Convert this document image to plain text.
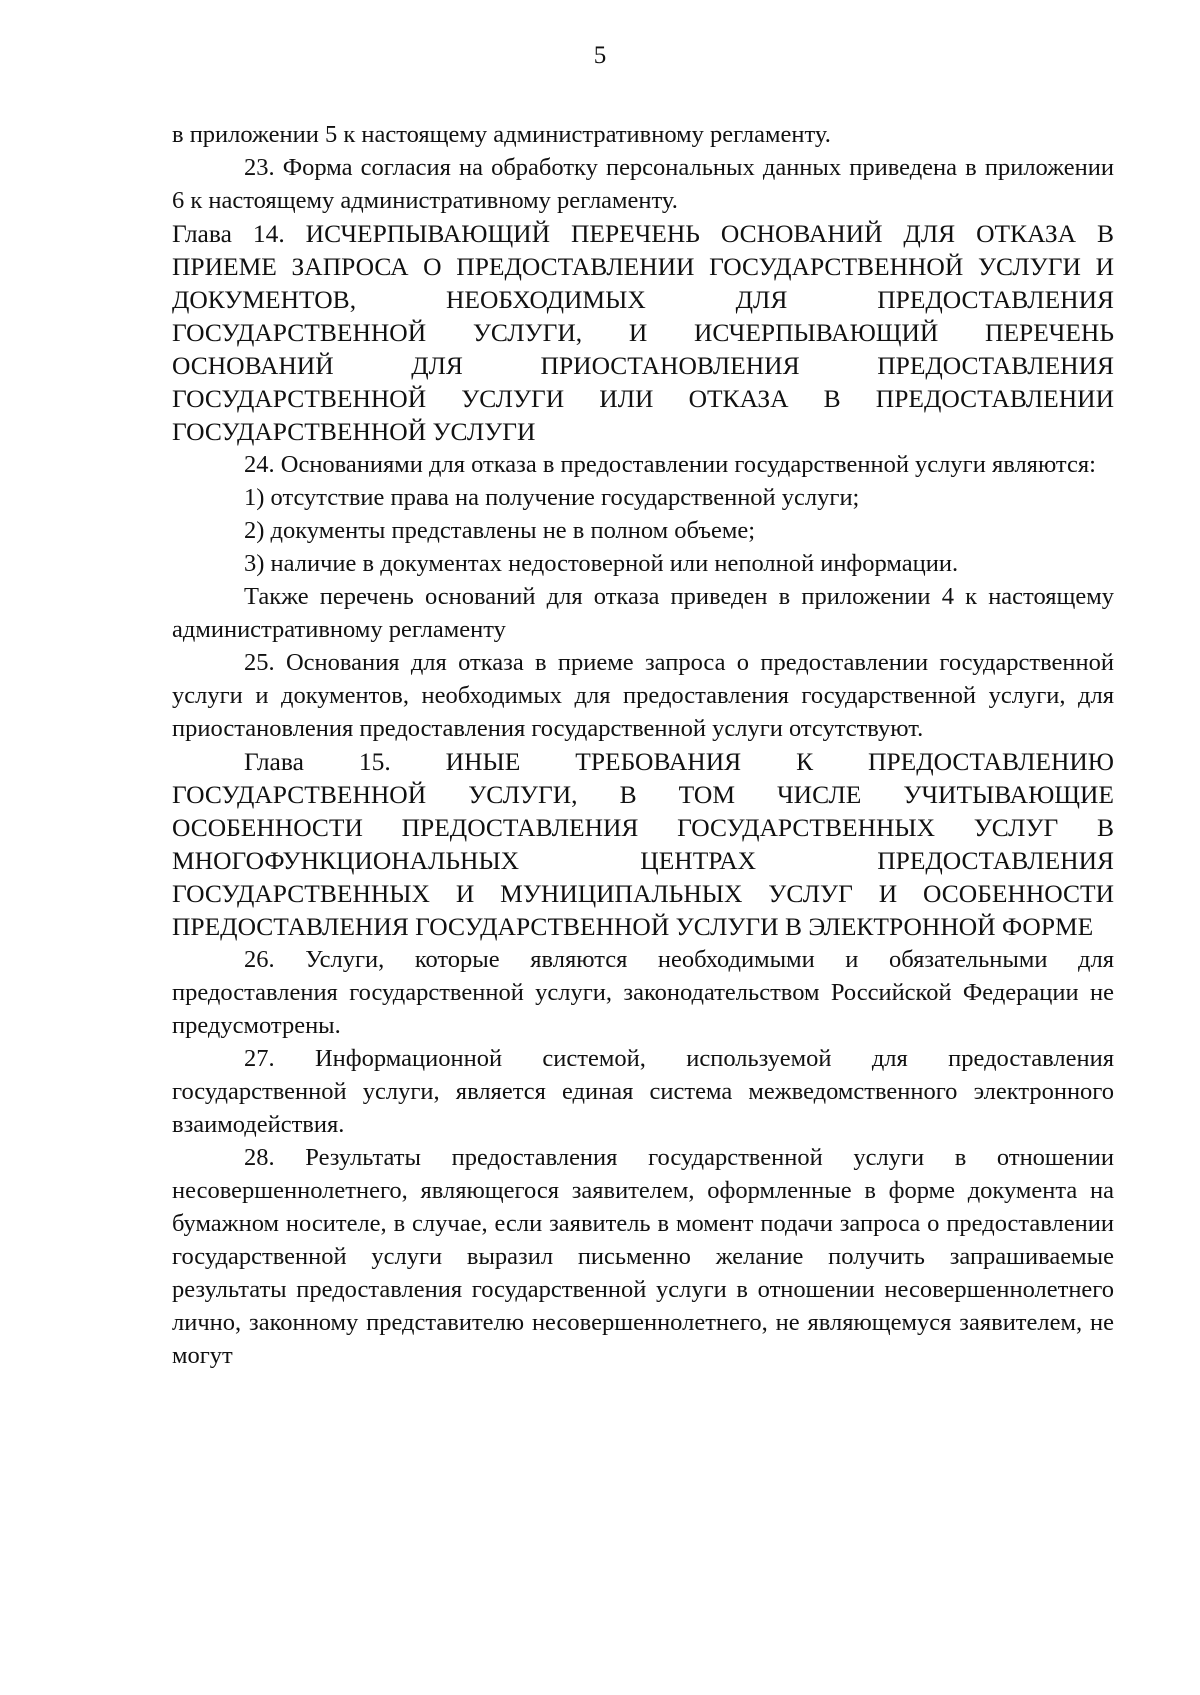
5

в приложении 5 к настоящему административному регламенту.

23. Форма согласия на обработку персональных данных приведена в приложении 6 к настоящему административному регламенту.

Глава 14. ИСЧЕРПЫВАЮЩИЙ ПЕРЕЧЕНЬ ОСНОВАНИЙ ДЛЯ ОТКАЗА В ПРИЕМЕ ЗАПРОСА О ПРЕДОСТАВЛЕНИИ ГОСУДАРСТВЕННОЙ УСЛУГИ И ДОКУМЕНТОВ, НЕОБХОДИМЫХ ДЛЯ ПРЕДОСТАВЛЕНИЯ ГОСУДАРСТВЕННОЙ УСЛУГИ, И ИСЧЕРПЫВАЮЩИЙ ПЕРЕЧЕНЬ ОСНОВАНИЙ ДЛЯ ПРИОСТАНОВЛЕНИЯ ПРЕДОСТАВЛЕНИЯ ГОСУДАРСТВЕННОЙ УСЛУГИ ИЛИ ОТКАЗА В ПРЕДОСТАВЛЕНИИ ГОСУДАРСТВЕННОЙ УСЛУГИ

24. Основаниями для отказа в предоставлении государственной услуги являются:

1) отсутствие права на получение государственной услуги;

2) документы представлены не в полном объеме;

3) наличие в документах недостоверной или неполной информации.

Также перечень оснований для отказа приведен в приложении 4 к настоящему административному регламенту

25. Основания для отказа в приеме запроса о предоставлении государственной услуги и документов, необходимых для предоставления государственной услуги, для приостановления предоставления государственной услуги отсутствуют.

Глава 15. ИНЫЕ ТРЕБОВАНИЯ К ПРЕДОСТАВЛЕНИЮ ГОСУДАРСТВЕННОЙ УСЛУГИ, В ТОМ ЧИСЛЕ УЧИТЫВАЮЩИЕ ОСОБЕННОСТИ ПРЕДОСТАВЛЕНИЯ ГОСУДАРСТВЕННЫХ УСЛУГ В МНОГОФУНКЦИОНАЛЬНЫХ ЦЕНТРАХ ПРЕДОСТАВЛЕНИЯ ГОСУДАРСТВЕННЫХ И МУНИЦИПАЛЬНЫХ УСЛУГ И ОСОБЕННОСТИ ПРЕДОСТАВЛЕНИЯ ГОСУДАРСТВЕННОЙ УСЛУГИ В ЭЛЕКТРОННОЙ ФОРМЕ

26. Услуги, которые являются необходимыми и обязательными для предоставления государственной услуги, законодательством Российской Федерации не предусмотрены.

27. Информационной системой, используемой для предоставления государственной услуги, является единая система межведомственного электронного взаимодействия.

28. Результаты предоставления государственной услуги в отношении несовершеннолетнего, являющегося заявителем, оформленные в форме документа на бумажном носителе, в случае, если заявитель в момент подачи запроса о предоставлении государственной услуги выразил письменно желание получить запрашиваемые результаты предоставления государственной услуги в отношении несовершеннолетнего лично, законному представителю несовершеннолетнего, не являющемуся заявителем, не могут
